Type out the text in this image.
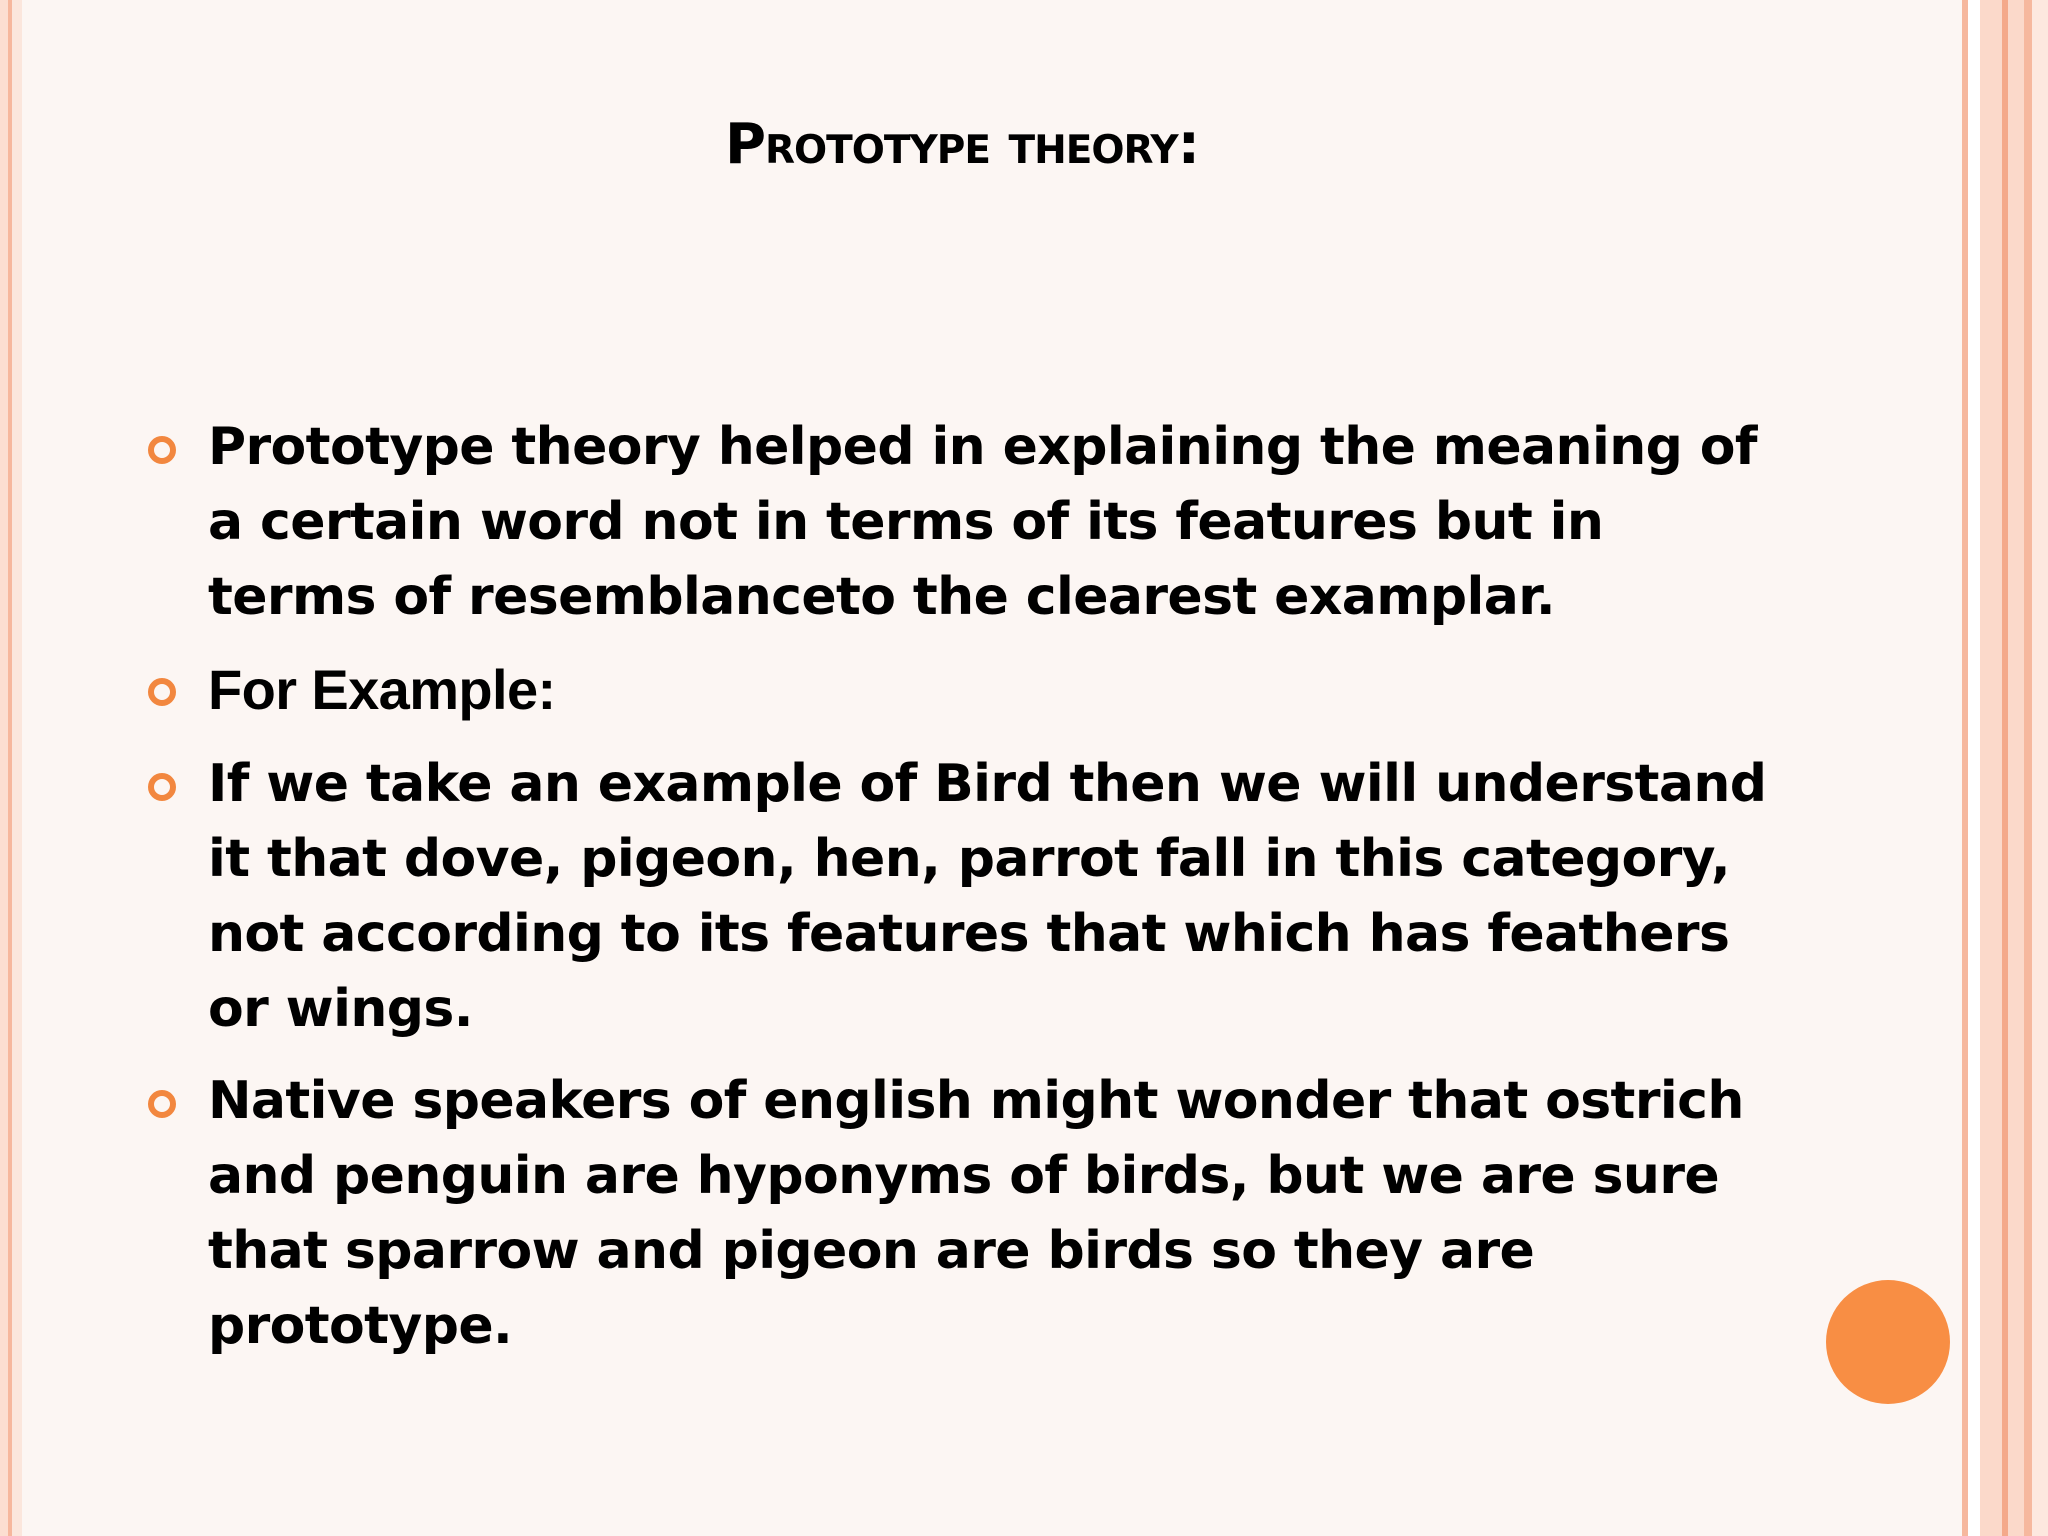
Prototype theory:
Prototype theory helped in explaining the meaning of a certain word not in terms of its features but in terms of resemblanceto the clearest examplar.
For Example:
If we take an example of Bird then we will understand it that dove, pigeon, hen, parrot fall in this category, not according to its features that which has feathers or wings.
Native speakers of english might wonder that ostrich and penguin are hyponyms of birds, but we are sure that sparrow and pigeon are birds so they are prototype.
